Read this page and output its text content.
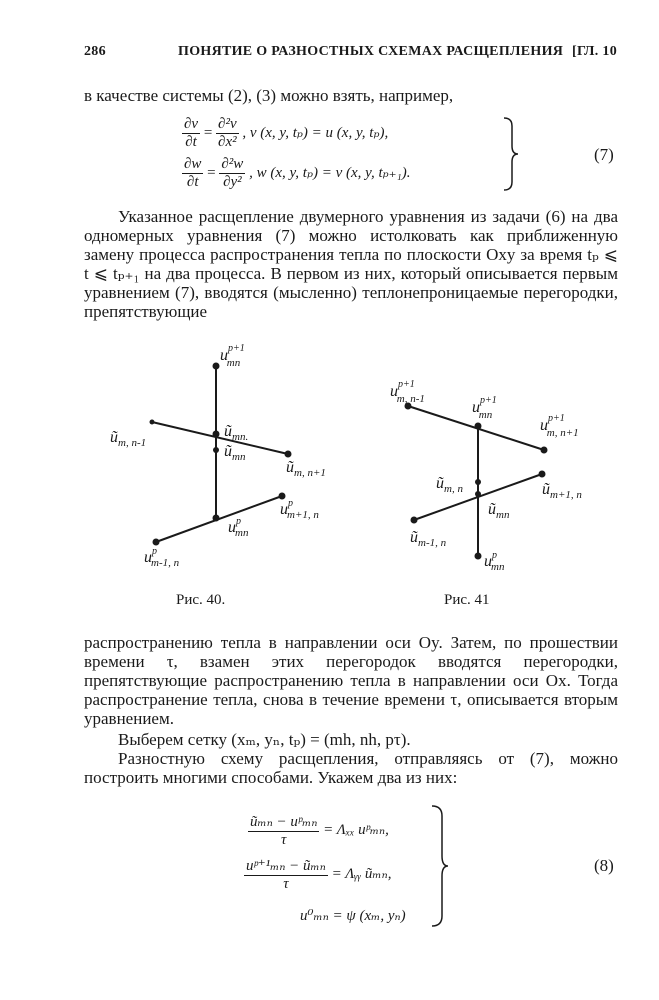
286	ПОНЯТИЕ О РАЗНОСТНЫХ СХЕМАХ РАСЩЕПЛЕНИЯ [ГЛ. 10
в качестве системы (2), (3) можно взять, например,
$\frac{\partial v}{\partial t} = \frac{\text{∂²v}}{\text{∂x²}}$ , v (x, y, tₚ) = u (x, y, tₚ),
$\frac{\partial w}{\partial t} = \frac{\text{∂²w}}{\text{∂y²}}$ , w (x, y, tₚ) = v (x, y, tₚ₊₁).
(7)
Указанное расщепление двумерного уравнения из задачи (6) на два одномерных уравнения (7) можно истолковать как приближенную замену процесса распространения тепла по плоскости Oxy за время tₚ ⩽ t ⩽ tₚ₊₁ на два процесса. В первом из них, который описывается первым уравнением (7), вводятся (мысленно) теплонепроницаемые перегородки, препятствующие
$u^{p+1}$ mn
$ũ_{m, n-1}$
$ũ_{mn.}$
$ũ_{mn}$
$ũ_{m, n+1}$
$u^p$ m+1, n
$u^p$ mn
$u^p$ m-1, n
Рис. 40.
$u^{p+1}$ m, n-1	$u^{p+1}$ mn
$u^{p+1}$ m, n+1
$ũ_{m, n}$	$ũ_{m+1, n}$
$ũ_{mn}$
$ũ_{m-1, n}$
$u^p$ mn
Рис. 41
распространению тепла в направлении оси Oy. Затем, по прошествии времени τ, взамен этих перегородок вводятся перегородки, препятствующие распространению тепла в направлении оси Ox. Тогда распространение тепла, снова в течение времени τ, описывается вторым уравнением.
Выберем сетку (xₘ, yₙ, tₚ) = (mh, nh, pτ).
Разностную схему расщепления, отправляясь от (7), можно построить многими способами. Укажем два из них:
$\frac{\text{ũₘₙ − uᵖₘₙ}}{\tau} = \Lambda_{xx}$ uᵖₘₙ,
$\frac{\text{uᵖ⁺¹ₘₙ − ũₘₙ}}{\tau}$ = Λᵧᵧ ũₘₙ,
u⁰ₘₙ = ψ (xₘ, yₙ)
(8)
